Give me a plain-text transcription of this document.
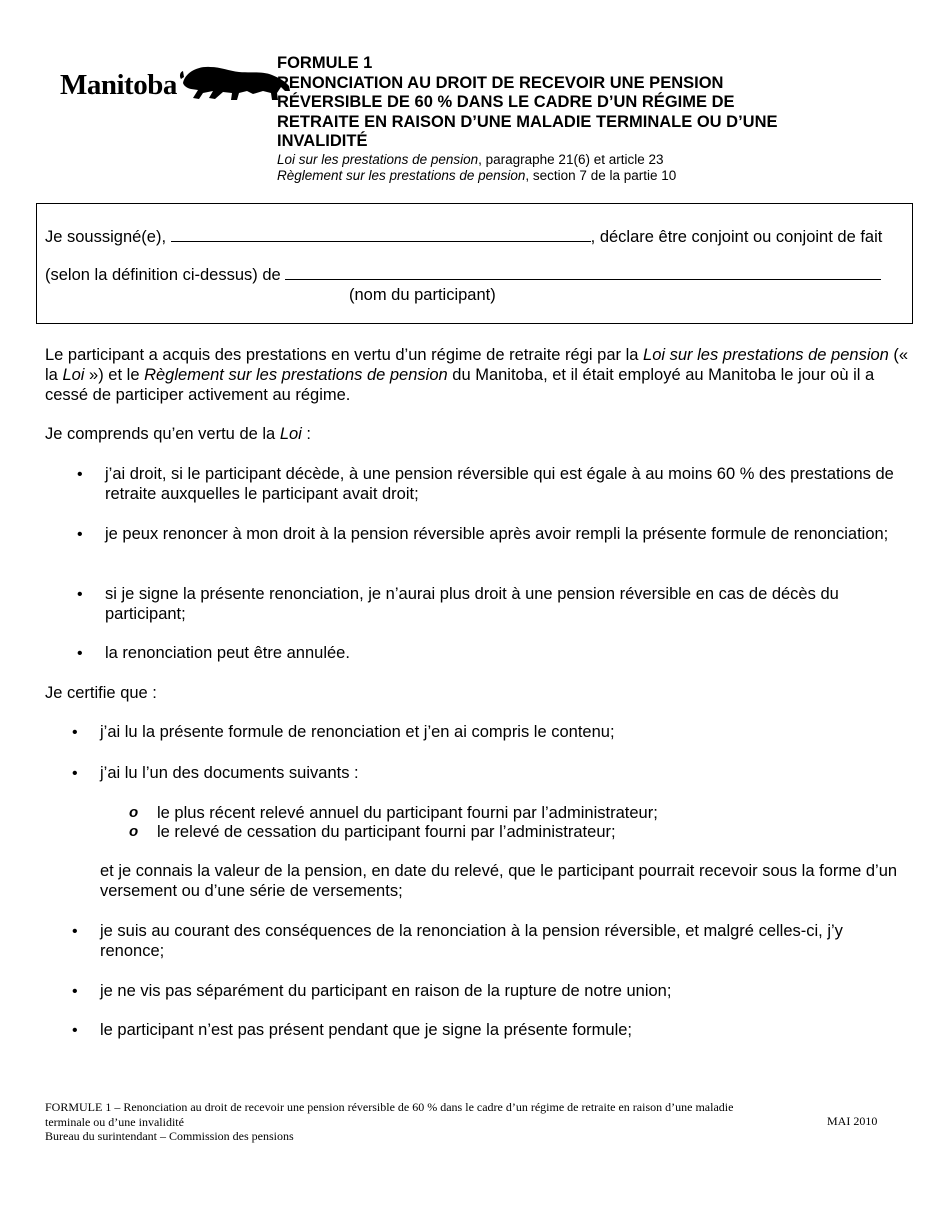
Manitoba

FORMULE 1

RENONCIATION AU DROIT DE RECEVOIR UNE PENSION

RÉVERSIBLE DE 60 % DANS LE CADRE D’UN RÉGIME DE

RETRAITE EN RAISON D’UNE MALADIE TERMINALE OU D’UNE

INVALIDITÉ

Loi sur les prestations de pension, paragraphe 21(6) et article 23

Règlement sur les prestations de pension, section 7 de la partie 10

Je soussigné(e),	, déclare être conjoint ou conjoint de fait
(selon la définition ci-dessus) de
(nom du participant)
Le participant a acquis des prestations en vertu d’un régime de retraite régi par la Loi sur les prestations de pension (« la Loi ») et le Règlement sur les prestations de pension du Manitoba, et il était employé au Manitoba le jour où il a cessé de participer activement au régime.
Je comprends qu’en vertu de la Loi :
• j’ai droit, si le participant décède, à une pension réversible qui est égale à au moins 60 % des prestations de retraite auxquelles le participant avait droit;
• je peux renoncer à mon droit à la pension réversible après avoir rempli la présente formule de renonciation;
• si je signe la présente renonciation, je n’aurai plus droit à une pension réversible en cas de décès du participant;
• la renonciation peut être annulée.
Je certifie que :
• j’ai lu la présente formule de renonciation et j’en ai compris le contenu;
• j’ai lu l’un des documents suivants :
o le plus récent relevé annuel du participant fourni par l’administrateur;
o le relevé de cessation du participant fourni par l’administrateur;
et je connais la valeur de la pension, en date du relevé, que le participant pourrait recevoir sous la forme d’un versement ou d’une série de versements;
• je suis au courant des conséquences de la renonciation à la pension réversible, et malgré celles-ci, j’y renonce;
• je ne vis pas séparément du participant en raison de la rupture de notre union;
• le participant n’est pas présent pendant que je signe la présente formule;
FORMULE 1 – Renonciation au droit de recevoir une pension réversible de 60 % dans le cadre d’un régime de retraite en raison d’une maladie
terminale ou d’une invalidité
Bureau du surintendant – Commission des pensions
MAI 2010
